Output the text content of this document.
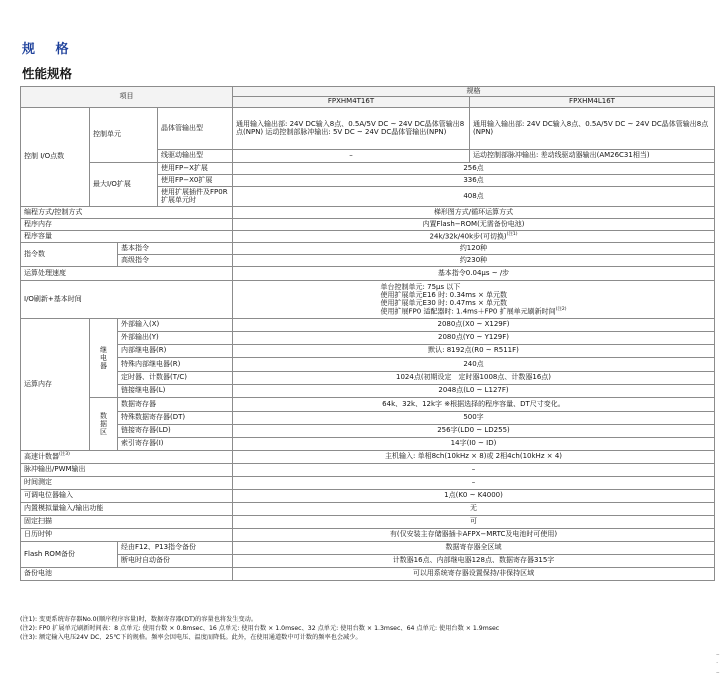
规 格
性能规格
项目				规格	
				FPXHM4T16T	FPXHM4L16T
控制 I/O点数	控制单元		晶体管输出型	通用输入输出部: 24V DC输入8点、0.5A/5V DC ~ 24V DC晶体管输出8点(NPN) 运动控制部脉冲输出: 5V DC ~ 24V DC晶体管输出(NPN)	通用输入输出部: 24V DC输入8点、0.5A/5V DC ~ 24V DC晶体管输出8点(NPN)
			线驱动输出型	–	运动控制部脉冲输出: 差动线驱动器输出(AM26C31相当)
	最大I/O扩展		使用FP−X扩展	256点	
			使用FP−X0扩展	336点	
			使用扩展插件及FP0R扩展单元时	408点	
编程方式/控制方式				梯形图方式/循环运算方式	
程序内存				内置Flash−ROM(无需备份电池)	
程序容量				24k/32k/40k步(可切换)$^{(注1)}$
指令数		基本指令		约120种	
		高级指令		约230种	
运算处理速度				基本指令0.04μs ~ /步	
I/O刷新+基本时间				单台控制单元: 75μs 以下
使用扩展单元E16 时: 0.34ms × 单元数
使用扩展单元E30 时: 0.47ms × 单元数
使用扩展FP0 适配器时: 1.4ms＋FP0 扩展单元刷新时间$^{(注2)}$

运算内存	继电器	外部输入(X)		2080点(X0 ~ X129F)	
		外部输出(Y)		2080点(Y0 ~ Y129F)	
		内部继电器(R)		默认: 8192点(R0 ~ R511F)	
		特殊内部继电器(R)		240点	
		定时器、计数器(T/C)		1024点(初期设定　定时器1008点、计数器16点)	
		链接继电器(L)		2048点(L0 ~ L127F)	

	数据区	数据寄存器		64k、32k、12k字 ※根据选择的程序容量、DT尺寸变化。	
		特殊数据寄存器(DT)		500字	
		链接寄存器(LD)		256字(LD0 ~ LD255)	
		索引寄存器(I)		14字(I0 ~ ID)	
高速计数器$^{(注3)}$				主机输入: 单相8ch(10kHz × 8)或 2相4ch(10kHz × 4)	
脉冲输出/PWM输出				–	
时间测定				–	
可调电位器输入				1点(K0 ~ K4000)	
内置模拟量输入/输出功能				无	
固定扫描				可	
日历时钟				有(仅安装主存储器插卡AFPX−MRTC及电池时可使用)	
Flash ROM备份		经由F12、P13指令备份		数据寄存器全区域	
		断电时自动备份		计数器16点、内部继电器128点、数据寄存器315字	
备份电池				可以用系统寄存器设置保持/非保持区域	
(注1): 变更系统寄存器No.0(顺序程序容量)时，数据寄存器(DT)的容量也将发生变动。
(注2): FP0 扩展单元刷新时间表：8 点单元: 使用台数 × 0.8msec、16 点单元: 使用台数 × 1.0msec、32 点单元: 使用台数 × 1.3msec、64 点单元: 使用台数 × 1.9msec
(注3): 额定输入电压24V DC、25℃下的规格。频率会因电压、温度而降低。此外，在使用通道数中可计数的频率也会减少。
–
·
–
